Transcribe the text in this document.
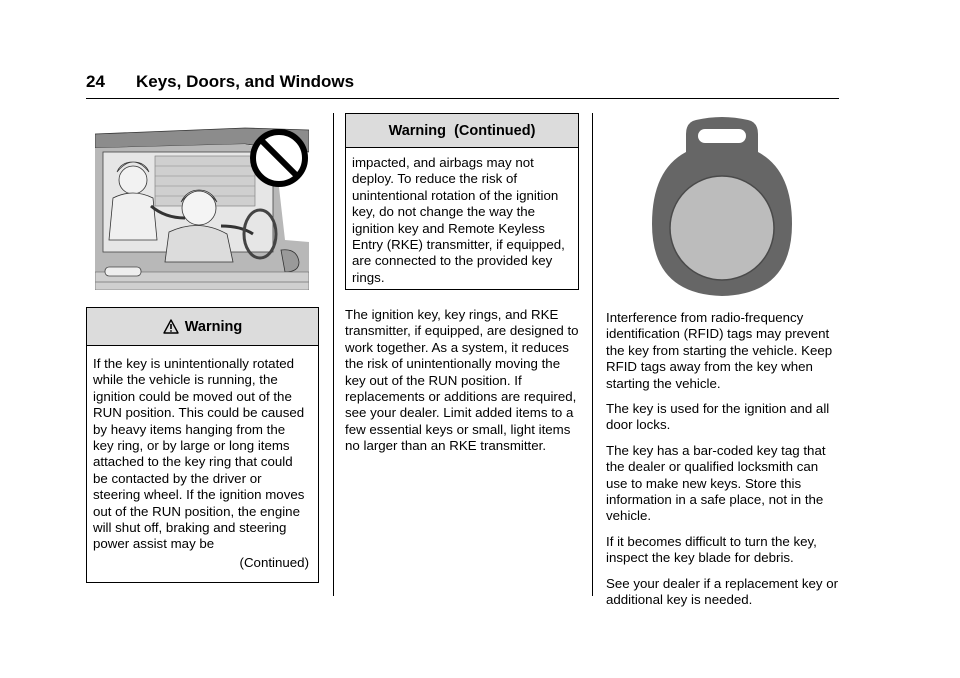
24 Keys, Doors, and Windows
Warning

If the key is unintentionally rotated while the vehicle is running, the ignition could be moved out of the RUN position. This could be caused by heavy items hanging from the key ring, or by large or long items attached to the key ring that could be contacted by the driver or steering wheel. If the ignition moves out of the RUN position, the engine will shut off, braking and steering power assist may be

(Continued)
Warning  (Continued)

impacted, and airbags may not deploy. To reduce the risk of unintentional rotation of the ignition key, do not change the way the ignition key and Remote Keyless Entry (RKE) transmitter, if equipped, are connected to the provided key rings.

The ignition key, key rings, and RKE transmitter, if equipped, are designed to work together. As a system, it reduces the risk of unintentionally moving the key out of the RUN position. If replacements or additions are required, see your dealer. Limit added items to a few essential keys or small, light items no larger than an RKE transmitter.

Interference from radio-frequency identification (RFID) tags may prevent the key from starting the vehicle. Keep RFID tags away from the key when starting the vehicle.

The key is used for the ignition and all door locks.

The key has a bar-coded key tag that the dealer or qualified locksmith can use to make new keys. Store this information in a safe place, not in the vehicle.

If it becomes difficult to turn the key, inspect the key blade for debris.

See your dealer if a replacement key or additional key is needed.
